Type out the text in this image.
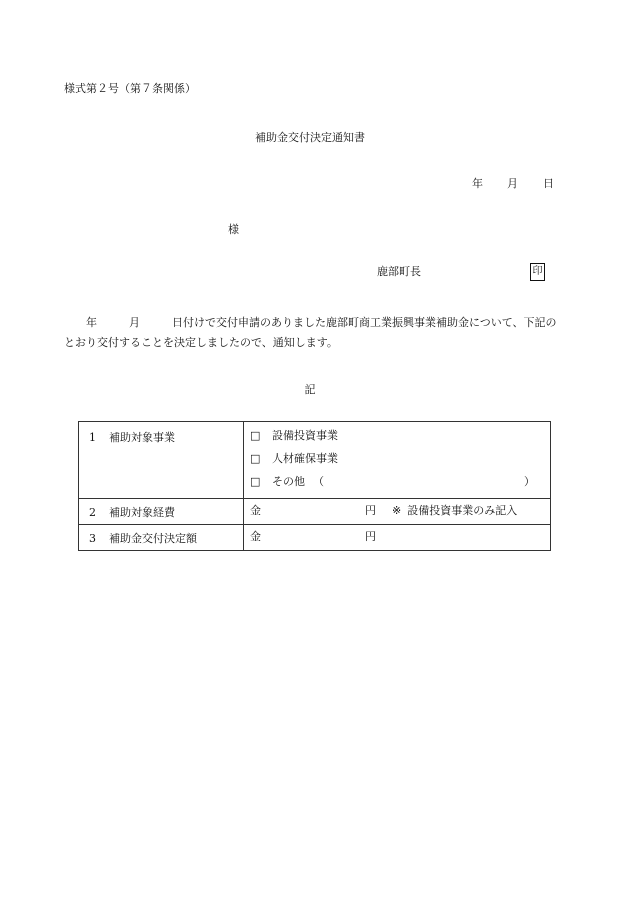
様式第２号（第７条関係）
補助金交付決定通知書
年 月 日
様
鹿部町長	印
年	月	日付けで交付申請のありました鹿部町商工業振興事業補助金について、下記のとおり交付することを決定しましたので、通知します。
記
1 補助対象事業	□ 設備投資事業
□ 人材確保事業
□ その他 （ ）

2 補助対象経費	金 円 ※ 設備投資事業のみ記入

3 補助金交付決定額	金 円
